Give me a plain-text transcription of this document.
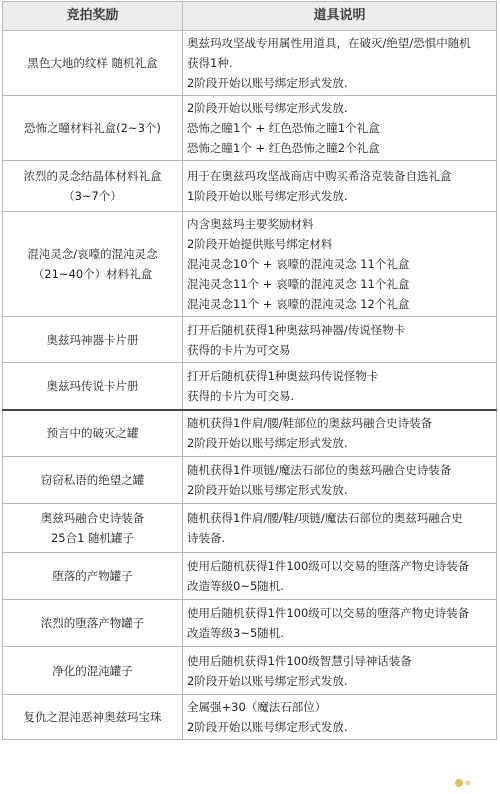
竞拍奖励	道具说明

黑色大地的纹样 随机礼盒	奥兹玛攻坚战专用属性用道具，在破灭/绝望/恐惧中随机
获得1种.
2阶段开始以账号绑定形式发放.

恐怖之瞳材料礼盒(2~3个)	2阶段开始以账号绑定形式发放.
恐怖之瞳1个 + 红色恐怖之瞳1个礼盒
恐怖之瞳1个 + 红色恐怖之瞳2个礼盒

浓烈的灵念结晶体材料礼盒
（3~7个）	用于在奥兹玛攻坚战商店中购买希洛克装备自选礼盒
1阶段开始以账号绑定形式发放.

混沌灵念/哀嚎的混沌灵念
（21~40个）材料礼盒	内含奥兹玛主要奖励材料
2阶段开始提供账号绑定材料
混沌灵念10个 + 哀嚎的混沌灵念 11个礼盒
混沌灵念11个 + 哀嚎的混沌灵念 11个礼盒
混沌灵念11个 + 哀嚎的混沌灵念 12个礼盒

奥兹玛神器卡片册	打开后随机获得1种奥兹玛神器/传说怪物卡
获得的卡片为可交易

奥兹玛传说卡片册	打开后随机获得1种奥兹玛传说怪物卡
获得的卡片为可交易.

预言中的破灭之罐	随机获得1件肩/腰/鞋部位的奥兹玛融合史诗装备
2阶段开始以账号绑定形式发放.

窃窃私语的绝望之罐	随机获得1件项链/魔法石部位的奥兹玛融合史诗装备
2阶段开始以账号绑定形式发放.

奥兹玛融合史诗装备
25合1 随机罐子	随机获得1件肩/腰/鞋/项链/魔法石部位的奥兹玛融合史
诗装备.

堕落的产物罐子	使用后随机获得1件100级可以交易的堕落产物史诗装备
改造等级0~5随机.

浓烈的堕落产物罐子	使用后随机获得1件100级可以交易的堕落产物史诗装备
改造等级3~5随机.

净化的混沌罐子	使用后随机获得1件100级智慧引导神话装备
2阶段开始以账号绑定形式发放.

复仇之混沌恶神奥兹玛宝珠	全属强+30（魔法石部位）
2阶段开始以账号绑定形式发放.
